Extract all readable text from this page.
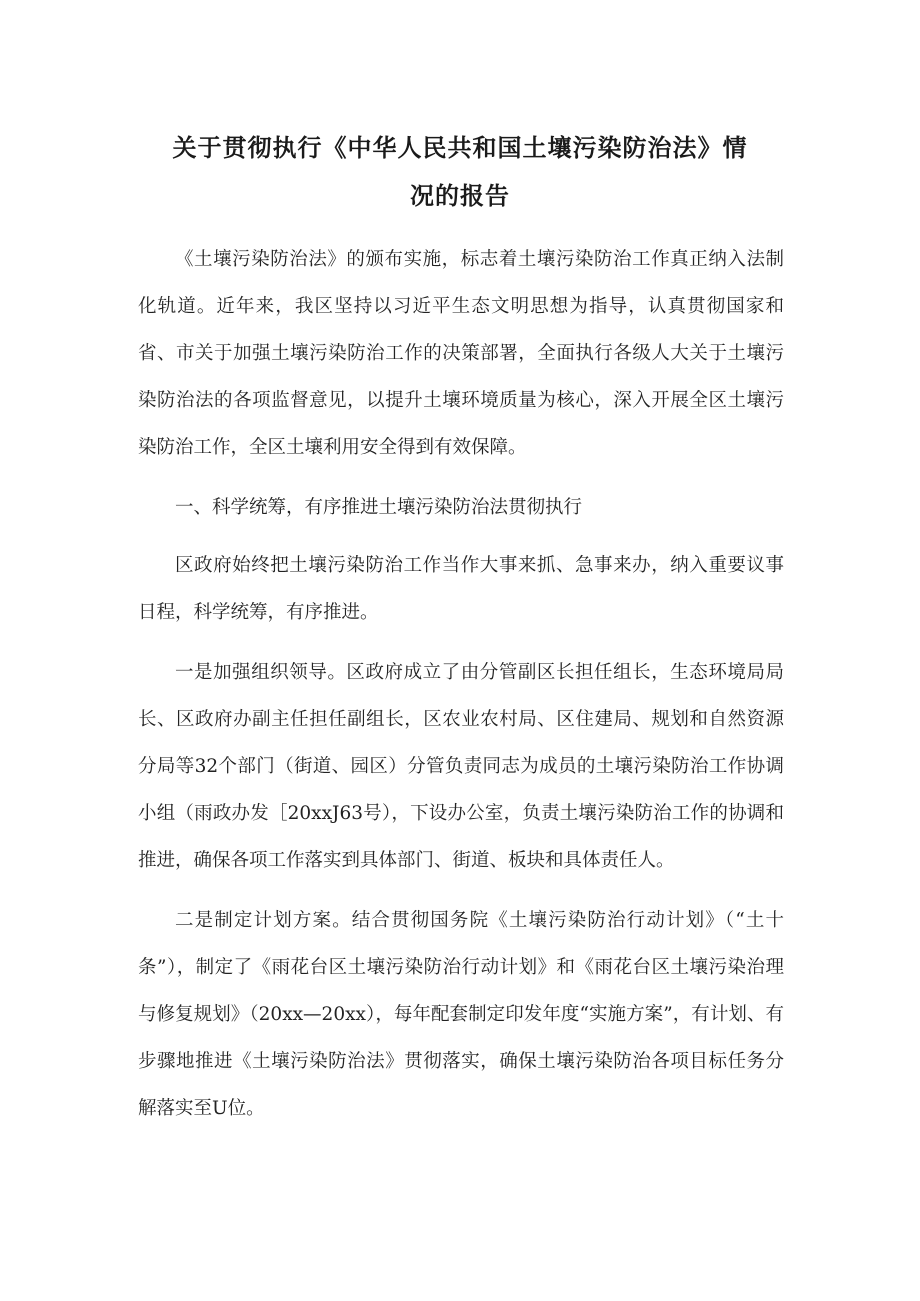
关于贯彻执行《中华人民共和国土壤污染防治法》情
况的报告

《土壤污染防治法》的颁布实施，标志着土壤污染防治工作真正纳入法制化轨道。近年来，我区坚持以习近平生态文明思想为指导，认真贯彻国家和省、市关于加强土壤污染防治工作的决策部署，全面执行各级人大关于土壤污染防治法的各项监督意见，以提升土壤环境质量为核心，深入开展全区土壤污染防治工作，全区土壤利用安全得到有效保障。

一、科学统筹，有序推进土壤污染防治法贯彻执行

区政府始终把土壤污染防治工作当作大事来抓、急事来办，纳入重要议事日程，科学统筹，有序推进。

一是加强组织领导。区政府成立了由分管副区长担任组长，生态环境局局长、区政府办副主任担任副组长，区农业农村局、区住建局、规划和自然资源分局等32个部门（街道、园区）分管负责同志为成员的土壤污染防治工作协调小组（雨政办发［20xxJ63号），下设办公室，负责土壤污染防治工作的协调和推进，确保各项工作落实到具体部门、街道、板块和具体责任人。

二是制定计划方案。结合贯彻国务院《土壤污染防治行动计划》（“土十条”），制定了《雨花台区土壤污染防治行动计划》和《雨花台区土壤污染治理与修复规划》（20xx—20xx），每年配套制定印发年度“实施方案”，有计划、有步骤地推进《土壤污染防治法》贯彻落实，确保土壤污染防治各项目标任务分解落实至U位。
